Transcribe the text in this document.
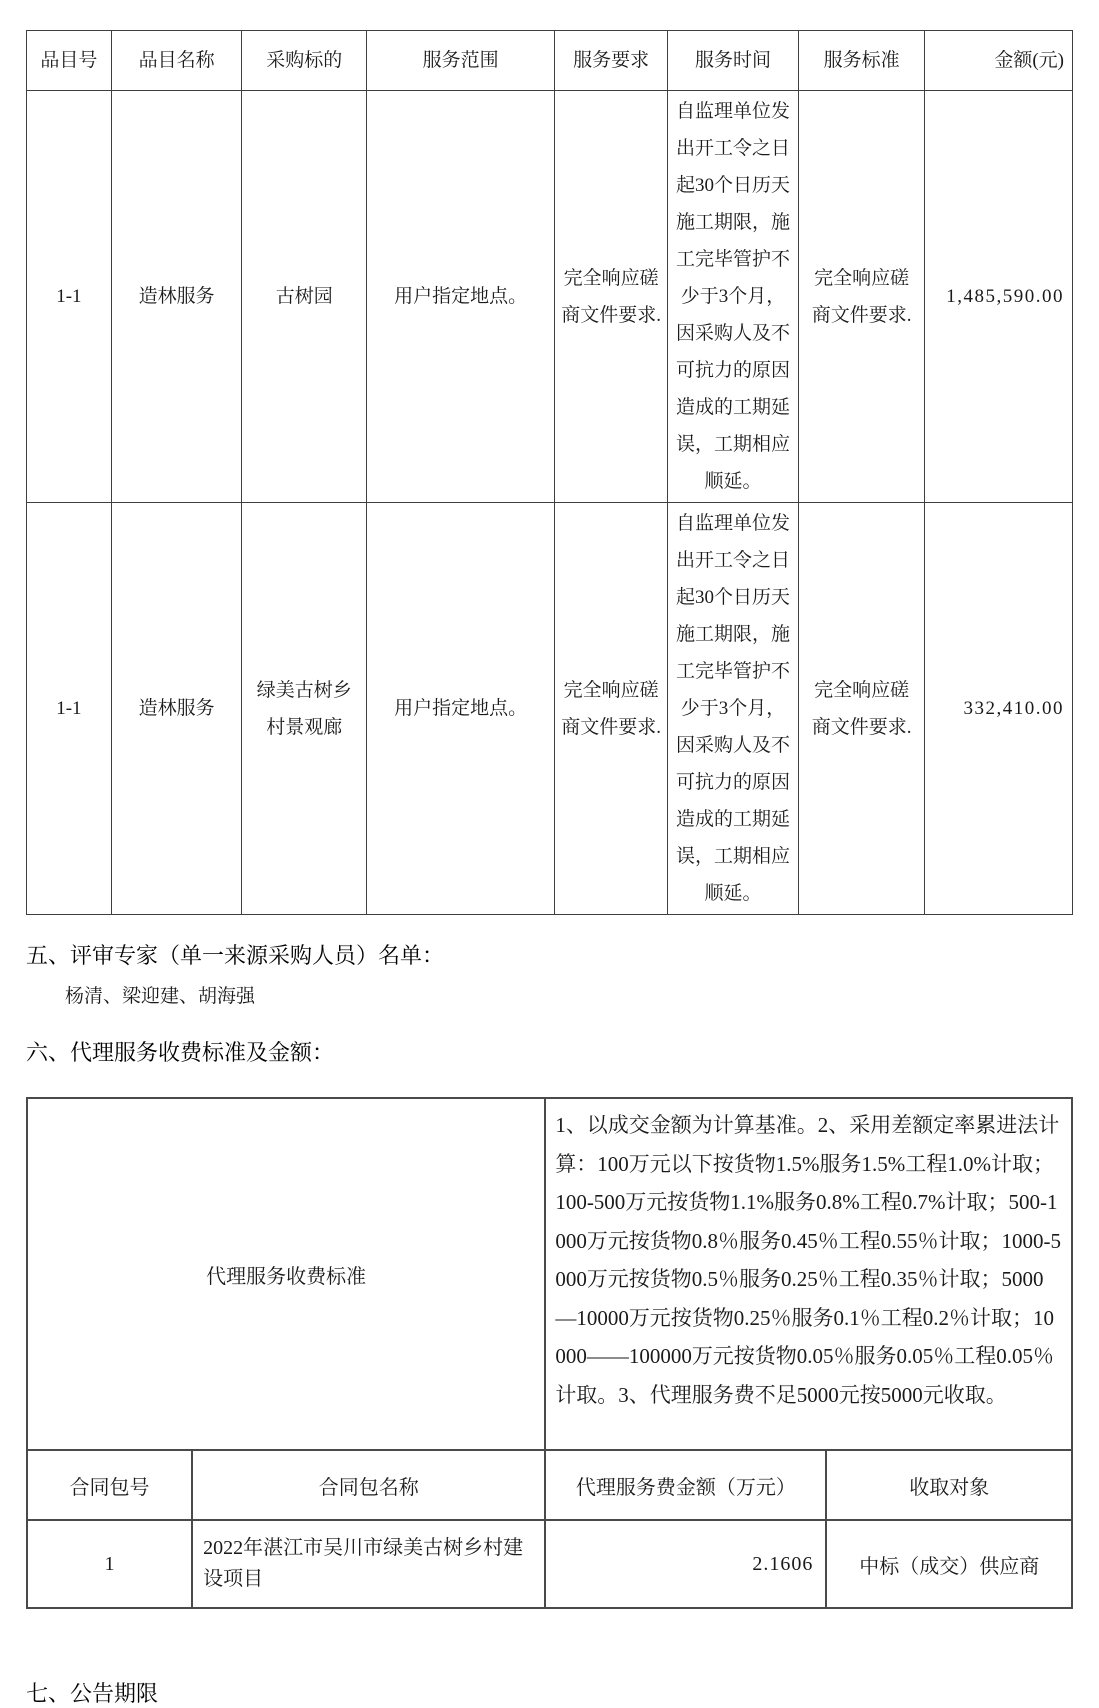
品目号	品目名称	采购标的	服务范围	服务要求	服务时间	服务标准	金额(元)
1-1	造林服务	古树园	用户指定地点。	完全响应磋商文件要求.	自监理单位发出开工令之日起30个日历天施工期限，施工完毕管护不少于3个月，因采购人及不可抗力的原因造成的工期延误，工期相应顺延。	完全响应磋商文件要求.	1,485,590.00
1-1	造林服务	绿美古树乡村景观廊	用户指定地点。	完全响应磋商文件要求.	自监理单位发出开工令之日起30个日历天施工期限，施工完毕管护不少于3个月，因采购人及不可抗力的原因造成的工期延误，工期相应顺延。	完全响应磋商文件要求.	332,410.00
五、评审专家（单一来源采购人员）名单：
杨清、梁迎建、胡海强
六、代理服务收费标准及金额：
代理服务收费标准		1、以成交金额为计算基准。2、采用差额定率累进法计算：100万元以下按货物1.5%服务1.5%工程1.0%计取；100-500万元按货物1.1%服务0.8%工程0.7%计取；500-1000万元按货物0.8％服务0.45％工程0.55％计取；1000-5000万元按货物0.5％服务0.25％工程0.35％计取；5000—10000万元按货物0.25％服务0.1％工程0.2％计取；10000——100000万元按货物0.05％服务0.05％工程0.05％计取。3、代理服务费不足5000元按5000元收取。	
合同包号	合同包名称	代理服务费金额（万元）	收取对象
1	2022年湛江市吴川市绿美古树乡村建设项目	2.1606	中标（成交）供应商
七、公告期限
